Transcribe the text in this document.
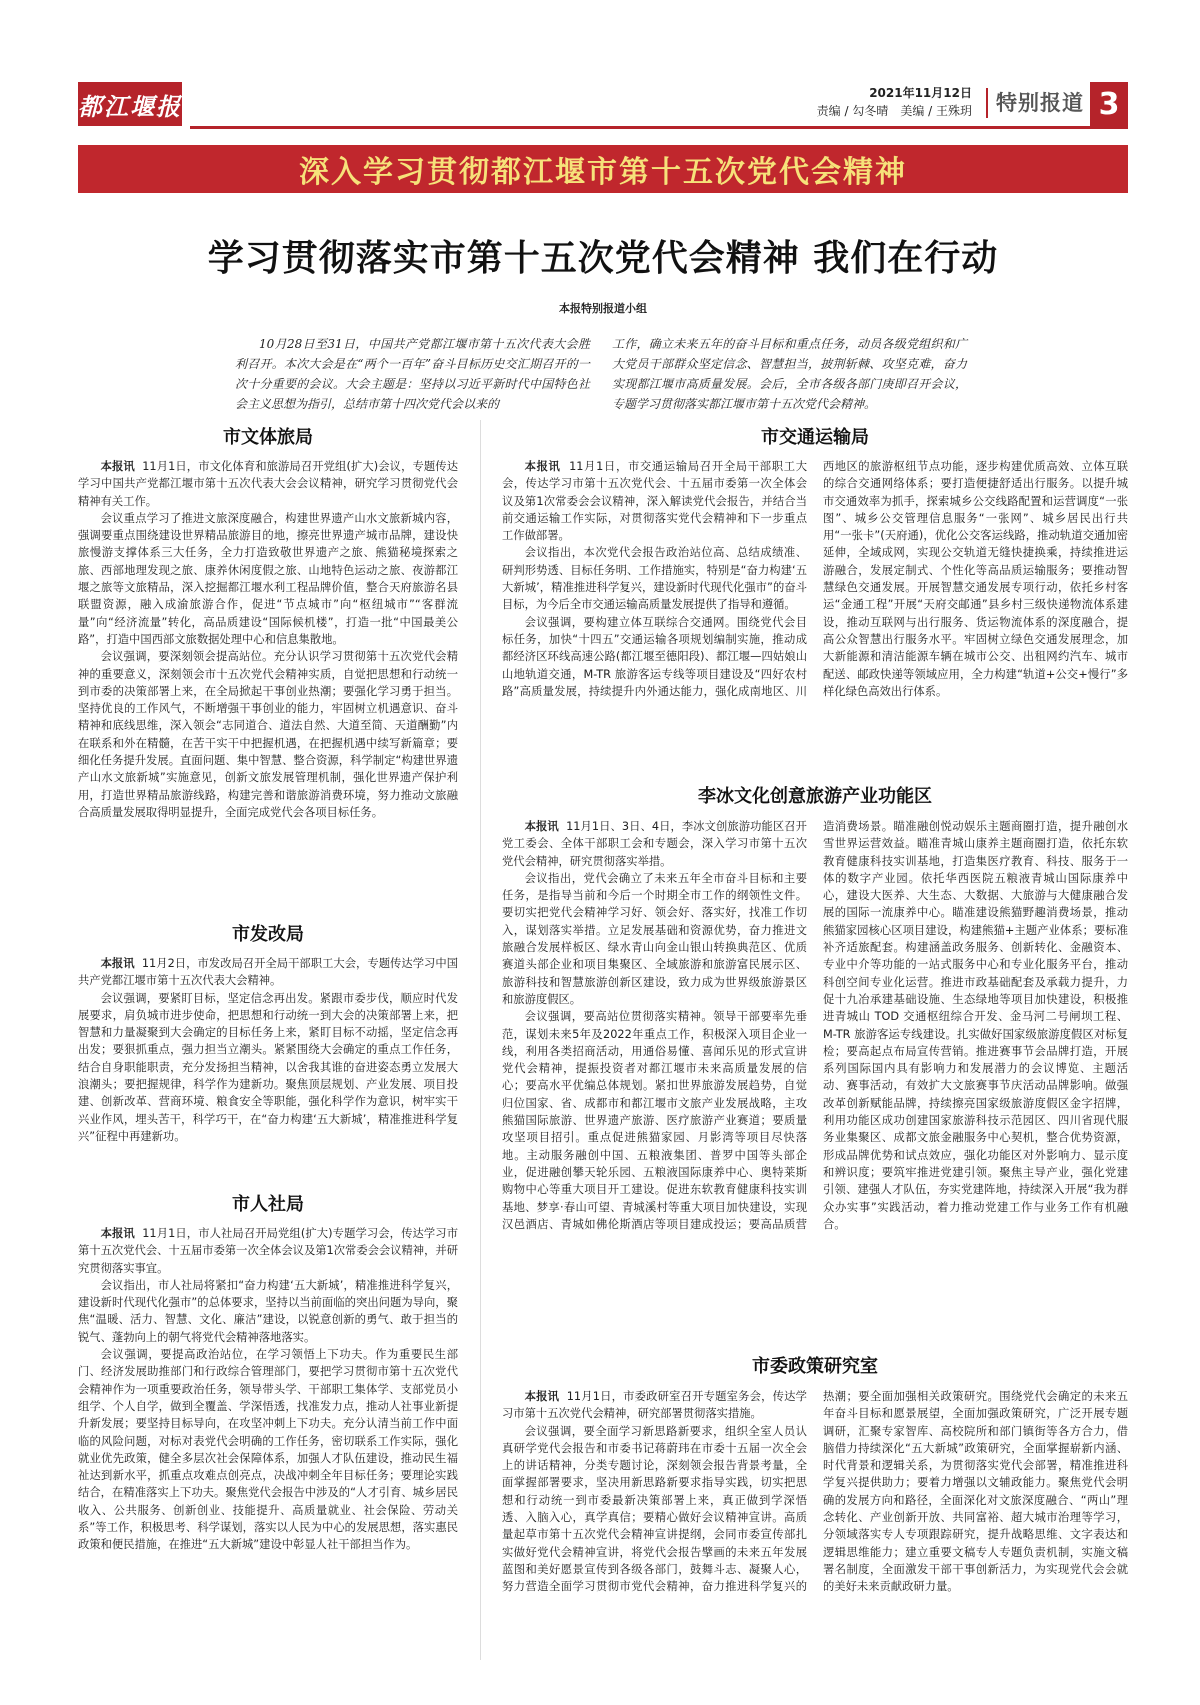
都江堰报	2021年11月12日
责编 / 勾冬晴　美编 / 王殊玥	特别报道 3
深入学习贯彻都江堰市第十五次党代会精神
学习贯彻落实市第十五次党代会精神 我们在行动
本报特别报道小组
10月28日至31日，中国共产党都江堰市第十五次代表大会胜利召开。本次大会是在“两个一百年”奋斗目标历史交汇期召开的一次十分重要的会议。大会主题是：坚持以习近平新时代中国特色社会主义思想为指引，总结市第十四次党代会以来的
工作，确立未来五年的奋斗目标和重点任务，动员各级党组织和广大党员干部群众坚定信念、智慧担当，披荆斩棘、攻坚克难，奋力实现都江堰市高质量发展。会后，全市各级各部门庚即召开会议，专题学习贯彻落实都江堰市第十五次党代会精神。
市文体旅局

本报讯 11月1日，市文化体育和旅游局召开党组(扩大)会议，专题传达学习中国共产党都江堰市第十五次代表大会会议精神，研究学习贯彻党代会精神有关工作。

会议重点学习了推进文旅深度融合，构建世界遗产山水文旅新城内容，强调要重点围绕建设世界精品旅游目的地，擦亮世界遗产城市品牌，建设快旅慢游支撑体系三大任务，全力打造致敬世界遗产之旅、熊猫秘境探索之旅、西部地理发现之旅、康养休闲度假之旅、山地特色运动之旅、夜游都江堰之旅等文旅精品，深入挖掘都江堰水利工程品牌价值，整合天府旅游名县联盟资源，融入成渝旅游合作，促进“节点城市”向“枢纽城市”“客群流量”向“经济流量”转化，高品质建设“国际候机楼”，打造一批“中国最美公路”，打造中国西部文旅数据处理中心和信息集散地。

会议强调，要深刻领会提高站位。充分认识学习贯彻第十五次党代会精神的重要意义，深刻领会市十五次党代会精神实质，自觉把思想和行动统一到市委的决策部署上来，在全局掀起干事创业热潮；要强化学习勇于担当。坚持优良的工作风气，不断增强干事创业的能力，牢固树立机遇意识、奋斗精神和底线思维，深入领会“志同道合、道法自然、大道至简、天道酬勤”内在联系和外在精髓，在苦干实干中把握机遇，在把握机遇中续写新篇章；要细化任务提升发展。直面问题、集中智慧、整合资源，科学制定“构建世界遗产山水文旅新城”实施意见，创新文旅发展管理机制，强化世界遗产保护利用，打造世界精品旅游线路，构建完善和谐旅游消费环境，努力推动文旅融合高质量发展取得明显提升，全面完成党代会各项目标任务。

市发改局

本报讯 11月2日，市发改局召开全局干部职工大会，专题传达学习中国共产党都江堰市第十五次代表大会精神。

会议强调，要紧盯目标，坚定信念再出发。紧跟市委步伐，顺应时代发展要求，肩负城市进步使命，把思想和行动统一到大会的决策部署上来，把智慧和力量凝聚到大会确定的目标任务上来，紧盯目标不动摇，坚定信念再出发；要狠抓重点，强力担当立潮头。紧紧围绕大会确定的重点工作任务，结合自身职能职责，充分发扬担当精神，以舍我其谁的奋进姿态勇立发展大浪潮头；要把握规律，科学作为建新功。聚焦顶层规划、产业发展、项目投建、创新改革、营商环境、粮食安全等职能，强化科学作为意识，树牢实干兴业作风，埋头苦干，科学巧干，在“奋力构建‘五大新城’，精准推进科学复兴”征程中再建新功。

市人社局

本报讯 11月1日，市人社局召开局党组(扩大)专题学习会，传达学习市第十五次党代会、十五届市委第一次全体会议及第1次常委会会议精神，并研究贯彻落实事宜。

会议指出，市人社局将紧扣“奋力构建‘五大新城’，精准推进科学复兴，建设新时代现代化强市”的总体要求，坚持以当前面临的突出问题为导向，聚焦“温暖、活力、智慧、文化、廉洁”建设，以锐意创新的勇气、敢于担当的锐气、蓬勃向上的朝气将党代会精神落地落实。

会议强调，要提高政治站位，在学习领悟上下功夫。作为重要民生部门、经济发展助推部门和行政综合管理部门，要把学习贯彻市第十五次党代会精神作为一项重要政治任务，领导带头学、干部职工集体学、支部党员小组学、个人自学，做到全覆盖、学深悟透，找准发力点，推动人社事业新提升新发展；要坚持目标导向，在攻坚冲刺上下功夫。充分认清当前工作中面临的风险问题，对标对表党代会明确的工作任务，密切联系工作实际，强化就业优先政策，健全多层次社会保障体系，加强人才队伍建设，推动民生福祉达到新水平，抓重点攻难点创亮点，决战冲刺全年目标任务；要理论实践结合，在精准落实上下功夫。聚焦党代会报告中涉及的“人才引育、城乡居民收入、公共服务、创新创业、技能提升、高质量就业、社会保险、劳动关系”等工作，积极思考、科学谋划，落实以人民为中心的发展思想，落实惠民政策和便民措施，在推进“五大新城”建设中彰显人社干部担当作为。

市交通运输局

本报讯 11月1日，市交通运输局召开全局干部职工大会，传达学习市第十五次党代会、十五届市委第一次全体会议及第1次常委会会议精神，深入解读党代会报告，并结合当前交通运输工作实际，对贯彻落实党代会精神和下一步重点工作做部署。

会议指出，本次党代会报告政治站位高、总结成绩准、研判形势透、目标任务明、工作措施实，特别是“奋力构建‘五大新城’，精准推进科学复兴，建设新时代现代化强市”的奋斗目标，为今后全市交通运输高质量发展提供了指导和遵循。

会议强调，要构建立体互联综合交通网。围绕党代会目标任务，加快“十四五”交通运输各项规划编制实施，推动成都经济区环线高速公路(都江堰至德阳段)、都江堰—四姑娘山山地轨道交通，M-TR 旅游客运专线等项目建设及“四好农村路”高质量发展，持续提升内外通达能力，强化成南地区、川西地区的旅游枢纽节点功能，逐步构建优质高效、立体互联的综合交通网络体系；要打造便捷舒适出行服务。以提升城市交通效率为抓手，探索城乡公交线路配置和运营调度“一张图”、城乡公交管理信息服务“一张网”、城乡居民出行共用“一张卡”(天府通)，优化公交客运线路，推动轨道交通加密延伸，全域成网，实现公交轨道无缝快捷换乘，持续推进运游融合，发展定制式、个性化等高品质运输服务；要推动智慧绿色交通发展。开展智慧交通发展专项行动，依托乡村客运“金通工程”开展“天府交邮通”县乡村三级快递物流体系建设，推动互联网与出行服务、货运物流体系的深度融合，提高公众智慧出行服务水平。牢固树立绿色交通发展理念，加大新能源和清洁能源车辆在城市公交、出租网约汽车、城市配送、邮政快递等领域应用，全力构建“轨道+公交+慢行”多样化绿色高效出行体系。

李冰文化创意旅游产业功能区

本报讯 11月1日、3日、4日，李冰文创旅游功能区召开党工委会、全体干部职工会和专题会，深入学习市第十五次党代会精神，研究贯彻落实举措。

会议指出，党代会确立了未来五年全市奋斗目标和主要任务，是指导当前和今后一个时期全市工作的纲领性文件。要切实把党代会精神学习好、领会好、落实好，找准工作切入，谋划落实举措。立足发展基础和资源优势，奋力推进文旅融合发展样板区、绿水青山向金山银山转换典范区、优质赛道头部企业和项目集聚区、全域旅游和旅游富民展示区、旅游科技和智慧旅游创新区建设，致力成为世界级旅游景区和旅游度假区。

会议强调，要高站位贯彻落实精神。领导干部要率先垂范，谋划未来5年及2022年重点工作，积极深入项目企业一线，利用各类招商活动，用通俗易懂、喜闻乐见的形式宣讲党代会精神，提振投资者对都江堰市未来高质量发展的信心；要高水平优编总体规划。紧扣世界旅游发展趋势，自觉归位国家、省、成都市和都江堰市文旅产业发展战略，主攻熊猫国际旅游、世界遗产旅游、医疗旅游产业赛道；要质量攻坚项目招引。重点促进熊猫家园、月影湾等项目尽快落地。主动服务融创中国、五粮液集团、普罗中国等头部企业，促进融创攀天轮乐园、五粮液国际康养中心、奥特莱斯购物中心等重大项目开工建设。促进东软教育健康科技实训基地、梦享·春山可望、青城溪村等重大项目加快建设，实现汉邑酒店、青城如佛伦斯酒店等项目建成投运；要高品质营造消费场景。瞄准融创悦动娱乐主题商圈打造，提升融创水雪世界运营效益。瞄准青城山康养主题商圈打造，依托东软教育健康科技实训基地，打造集医疗教育、科技、服务于一体的数字产业园。依托华西医院五粮液青城山国际康养中心，建设大医养、大生态、大数据、大旅游与大健康融合发展的国际一流康养中心。瞄准建设熊猫野趣消费场景，推动熊猫家园核心区项目建设，构建熊猫+主题产业体系；要标准补齐适旅配套。构建涵盖政务服务、创新转化、金融资本、专业中介等功能的一站式服务中心和专业化服务平台，推动科创空间专业化运营。推进市政基础配套及承载力提升，力促十九冶承建基础设施、生态绿地等项目加快建设，积极推进青城山 TOD 交通枢纽综合开发、金马河二号闸坝工程、M-TR 旅游客运专线建设。扎实做好国家级旅游度假区对标复检；要高起点布局宣传营销。推进赛事节会品牌打造，开展系列国际国内具有影响力和发展潜力的会议博览、主题活动、赛事活动，有效扩大文旅赛事节庆活动品牌影响。做强改革创新赋能品牌，持续擦亮国家级旅游度假区金字招牌，利用功能区成功创建国家旅游科技示范园区、四川省现代服务业集聚区、成都文旅金融服务中心契机，整合优势资源，形成品牌优势和试点效应，强化功能区对外影响力、显示度和辨识度；要筑牢推进党建引领。聚焦主导产业，强化党建引领、建强人才队伍，夯实党建阵地，持续深入开展“我为群众办实事”实践活动，着力推动党建工作与业务工作有机融合。

市委政策研究室

本报讯 11月1日，市委政研室召开专题室务会，传达学习市第十五次党代会精神，研究部署贯彻落实措施。

会议强调，要全面学习新思路新要求，组织全室人员认真研学党代会报告和市委书记蒋蔚玮在市委十五届一次全会上的讲话精神，分类专题讨论，深刻领会报告背景考量，全面掌握部署要求，坚决用新思路新要求指导实践，切实把思想和行动统一到市委最新决策部署上来，真正做到学深悟透、入脑入心，真学真信；要精心做好会议精神宣讲。高质量起草市第十五次党代会精神宣讲提纲，会同市委宣传部扎实做好党代会精神宣讲，将党代会报告擘画的未来五年发展蓝图和美好愿景宣传到各级各部门，鼓舞斗志、凝聚人心，努力营造全面学习贯彻市党代会精神，奋力推进科学复兴的热潮；要全面加强相关政策研究。围绕党代会确定的未来五年奋斗目标和愿景展望，全面加强政策研究，广泛开展专题调研，汇聚专家智库、高校院所和部门镇街等各方合力，借脑借力持续深化“五大新城”政策研究，全面掌握崭新内涵、时代背景和逻辑关系，为贯彻落实党代会部署，精准推进科学复兴提供助力；要着力增强以文辅政能力。聚焦党代会明确的发展方向和路径，全面深化对文旅深度融合、“两山”理念转化、产业创新开放、共同富裕、超大城市治理等学习，分领域落实专人专项跟踪研究，提升战略思维、文字表达和逻辑思维能力；建立重要文稿专人专题负责机制，实施文稿署名制度，全面激发干部干事创新活力，为实现党代会会就的美好未来贡献政研力量。
